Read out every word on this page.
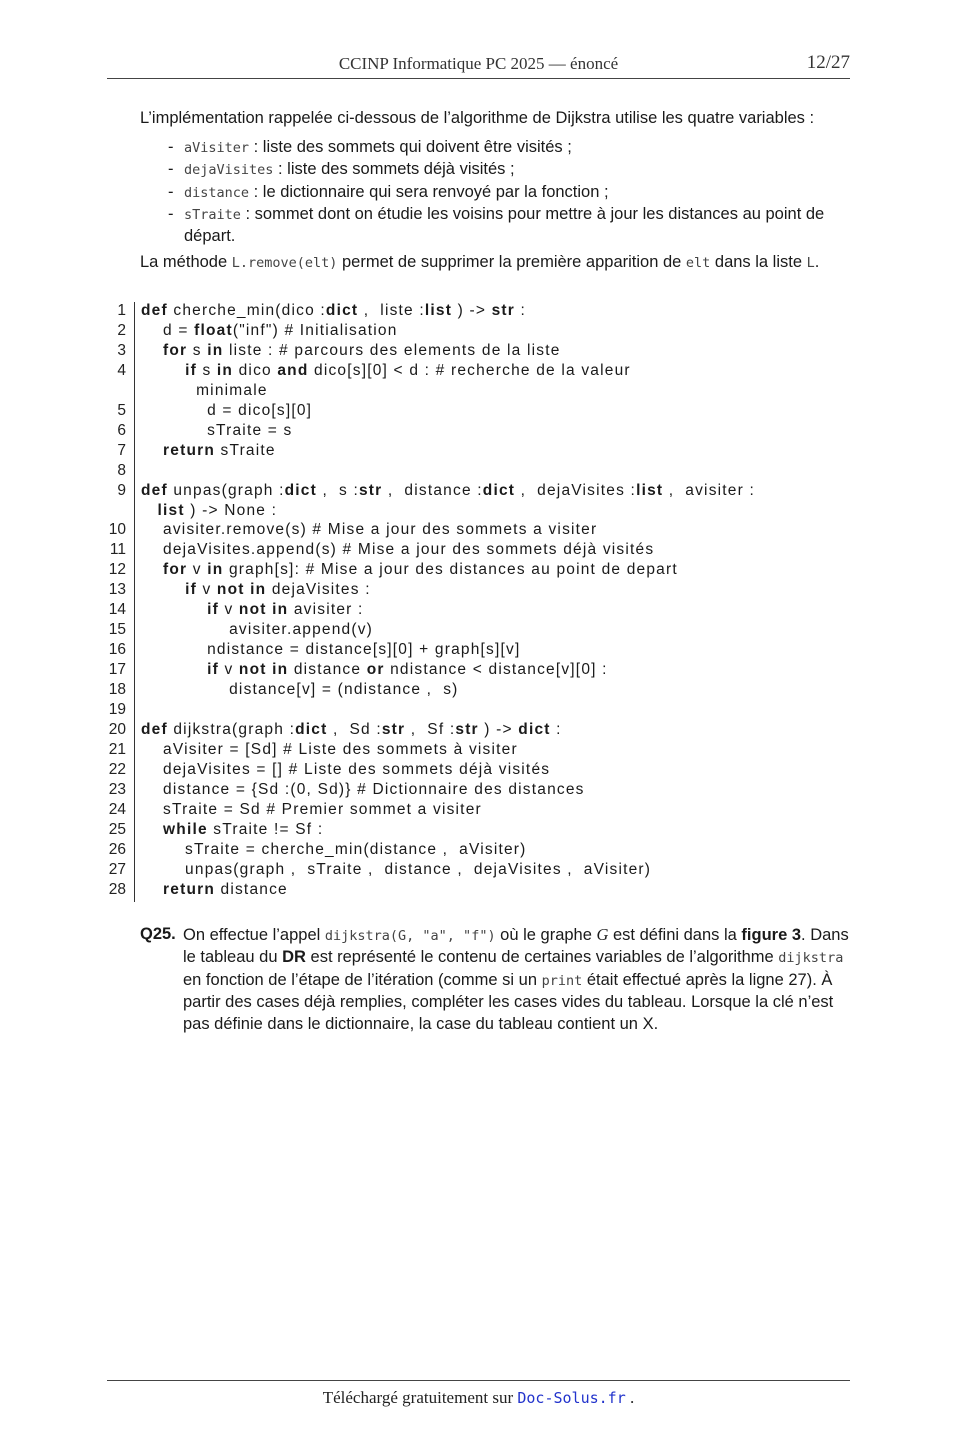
CCINP Informatique PC 2025 — énoncé	12/27
L’implémentation rappelée ci-dessous de l’algorithme de Dijkstra utilise les quatre variables :
- aVisiter : liste des sommets qui doivent être visités ;
- dejaVisites : liste des sommets déjà visités ;
- distance : le dictionnaire qui sera renvoyé par la fonction ;
- sTraite : sommet dont on étudie les voisins pour mettre à jour les distances au point de départ.
La méthode L.remove(elt) permet de supprimer la première apparition de elt dans la liste L.
1 def cherche_min(dico :dict ,  liste :list ) -> str :
2 d = float("inf") # Initialisation
3	for s in liste : # parcours des elements de la liste
4	if s in dico and dico[s][0] < d : # recherche de la valeur
minimale
5 d = dico[s][0]
6 sTraite = s
7	return sTraite
8
9 def unpas(graph :dict ,  s :str ,  distance :dict ,  dejaVisites :list ,  avisiter :
list ) -> None :
10 avisiter.remove(s) # Mise a jour des sommets a visiter
11 dejaVisites.append(s) # Mise a jour des sommets déjà visités
12	for v in graph[s]: # Mise a jour des distances au point de depart
13	if v not in dejaVisites :
14	if v not in avisiter :
15 avisiter.append(v)
16 ndistance = distance[s][0] + graph[s][v]
17	if v not in distance or ndistance < distance[v][0] :
18 distance[v] = (ndistance ,  s)
19
20 def dijkstra(graph :dict ,  Sd :str ,  Sf :str ) -> dict :
21 aVisiter = [Sd] # Liste des sommets à visiter
22 dejaVisites = [] # Liste des sommets déjà visités
23 distance = {Sd :(0, Sd)} # Dictionnaire des distances
24 sTraite = Sd # Premier sommet a visiter
25	while sTraite != Sf :
26 sTraite = cherche_min(distance ,  aVisiter)
27 unpas(graph ,  sTraite ,  distance ,  dejaVisites ,  aVisiter)
28	return distance
Q25. On effectue l’appel dijkstra(G, "a", "f") où le graphe G est défini dans la figure 3. Dans le tableau du DR est représenté le contenu de certaines variables de l’algorithme dijkstra en fonction de l’étape de l’itération (comme si un print était effectué après la ligne 27). À partir des cases déjà remplies, compléter les cases vides du tableau. Lorsque la clé n’est pas définie dans le dictionnaire, la case du tableau contient un X.
Téléchargé gratuitement sur Doc-Solus.fr .
